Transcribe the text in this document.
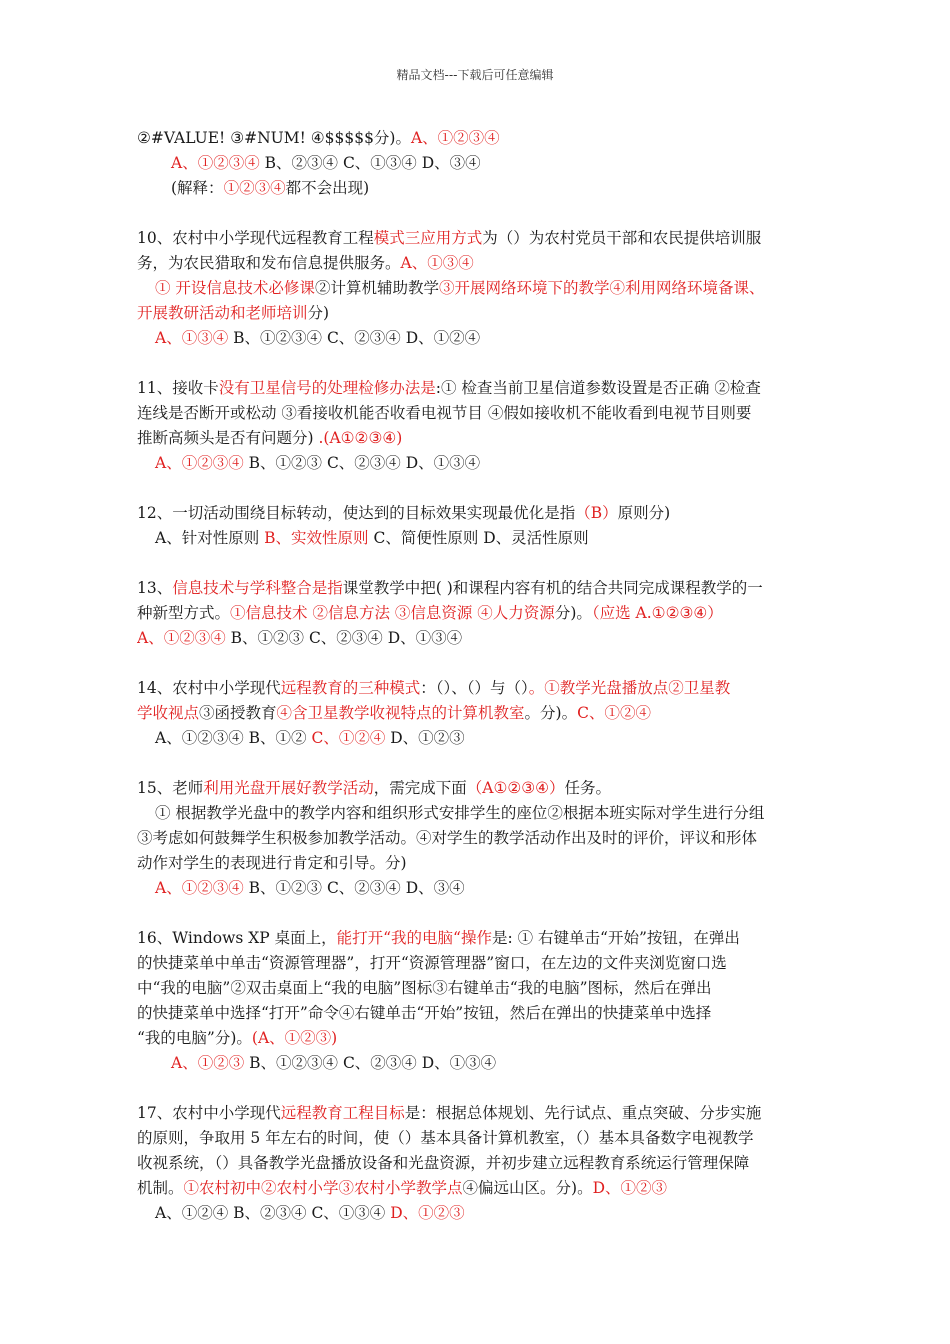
精品文档---下载后可任意编辑
②#VALUE! ③#NUM! ④$$$$$分)。A、①②③④
A、①②③④ B、②③④ C、①③④ D、③④
(解释：①②③④都不会出现)
10、农村中小学现代远程教育工程模式三应用方式为（）为农村党员干部和农民提供培训服
务，为农民猎取和发布信息提供服务。A、①③④
① 开设信息技术必修课②计算机辅助教学③开展网络环境下的教学④利用网络环境备课、
开展教研活动和老师培训分)
A、①③④ B、①②③④ C、②③④ D、①②④
11、接收卡没有卫星信号的处理检修办法是:① 检查当前卫星信道参数设置是否正确 ②检查
连线是否断开或松动 ③看接收机能否收看电视节目 ④假如接收机不能收看到电视节目则要
推断高频头是否有问题分) .(A①②③④)
A、①②③④ B、①②③ C、②③④ D、①③④
12、一切活动围绕目标转动，使达到的目标效果实现最优化是指（B）原则分)
A、针对性原则 B、实效性原则 C、简便性原则 D、灵活性原则
13、信息技术与学科整合是指课堂教学中把( )和课程内容有机的结合共同完成课程教学的一
种新型方式。①信息技术 ②信息方法 ③信息资源 ④人力资源分)。（应选 A.①②③④）
A、①②③④ B、①②③ C、②③④ D、①③④
14、农村中小学现代远程教育的三种模式：（）、（）与（）。①教学光盘播放点②卫星教
学收视点③函授教育④含卫星教学收视特点的计算机教室。分)。C、①②④
A、①②③④ B、①② C、①②④ D、①②③
15、老师利用光盘开展好教学活动，需完成下面（A①②③④）任务。
① 根据教学光盘中的教学内容和组织形式安排学生的座位②根据本班实际对学生进行分组
③考虑如何鼓舞学生积极参加教学活动。④对学生的教学活动作出及时的评价，评议和形体
动作对学生的表现进行肯定和引导。分)
A、①②③④ B、①②③ C、②③④ D、③④
16、Windows XP 桌面上，能打开“我的电脑“操作是: ① 右键单击“开始”按钮，在弹出
的快捷菜单中单击“资源管理器”，打开“资源管理器”窗口，在左边的文件夹浏览窗口选
中“我的电脑”②双击桌面上“我的电脑”图标③右键单击“我的电脑”图标，然后在弹出
的快捷菜单中选择“打开”命令④右键单击“开始”按钮，然后在弹出的快捷菜单中选择
“我的电脑”分)。(A、①②③)
A、①②③ B、①②③④ C、②③④ D、①③④
17、农村中小学现代远程教育工程目标是：根据总体规划、先行试点、重点突破、分步实施
的原则，争取用 5 年左右的时间，使（）基本具备计算机教室，（）基本具备数字电视教学
收视系统，（）具备教学光盘播放设备和光盘资源，并初步建立远程教育系统运行管理保障
机制。①农村初中②农村小学③农村小学教学点④偏远山区。分)。D、①②③
A、①②④ B、②③④ C、①③④ D、①②③
